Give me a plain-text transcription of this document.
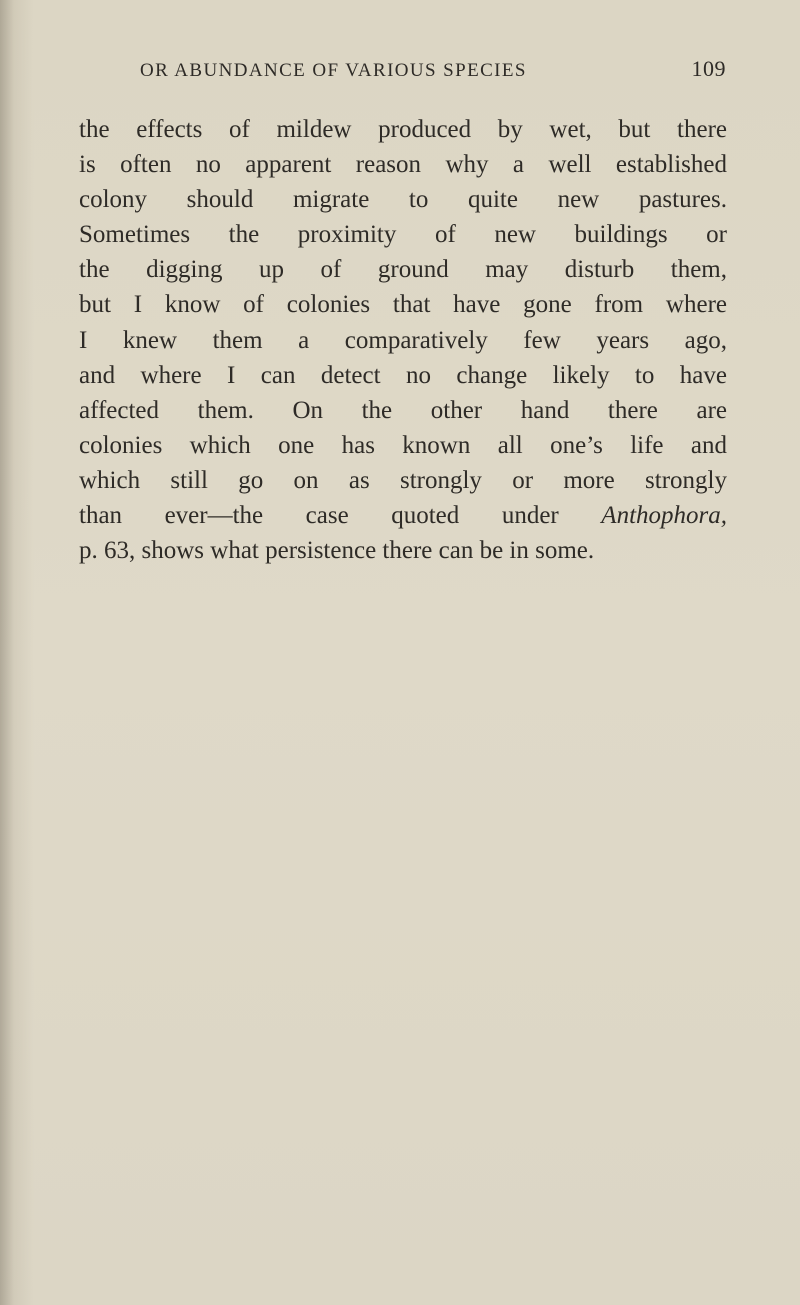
OR ABUNDANCE OF VARIOUS SPECIES	109
the effects of mildew produced by wet, but there
is often no apparent reason why a well established
colony should migrate to quite new pastures.
Sometimes the proximity of new buildings or
the digging up of ground may disturb them,
but I know of colonies that have gone from where
I knew them a comparatively few years ago,
and where I can detect no change likely to have
affected them. On the other hand there are
colonies which one has known all one’s life and
which still go on as strongly or more strongly
than ever—the case quoted under Anthophora,
p. 63, shows what persistence there can be in some.
